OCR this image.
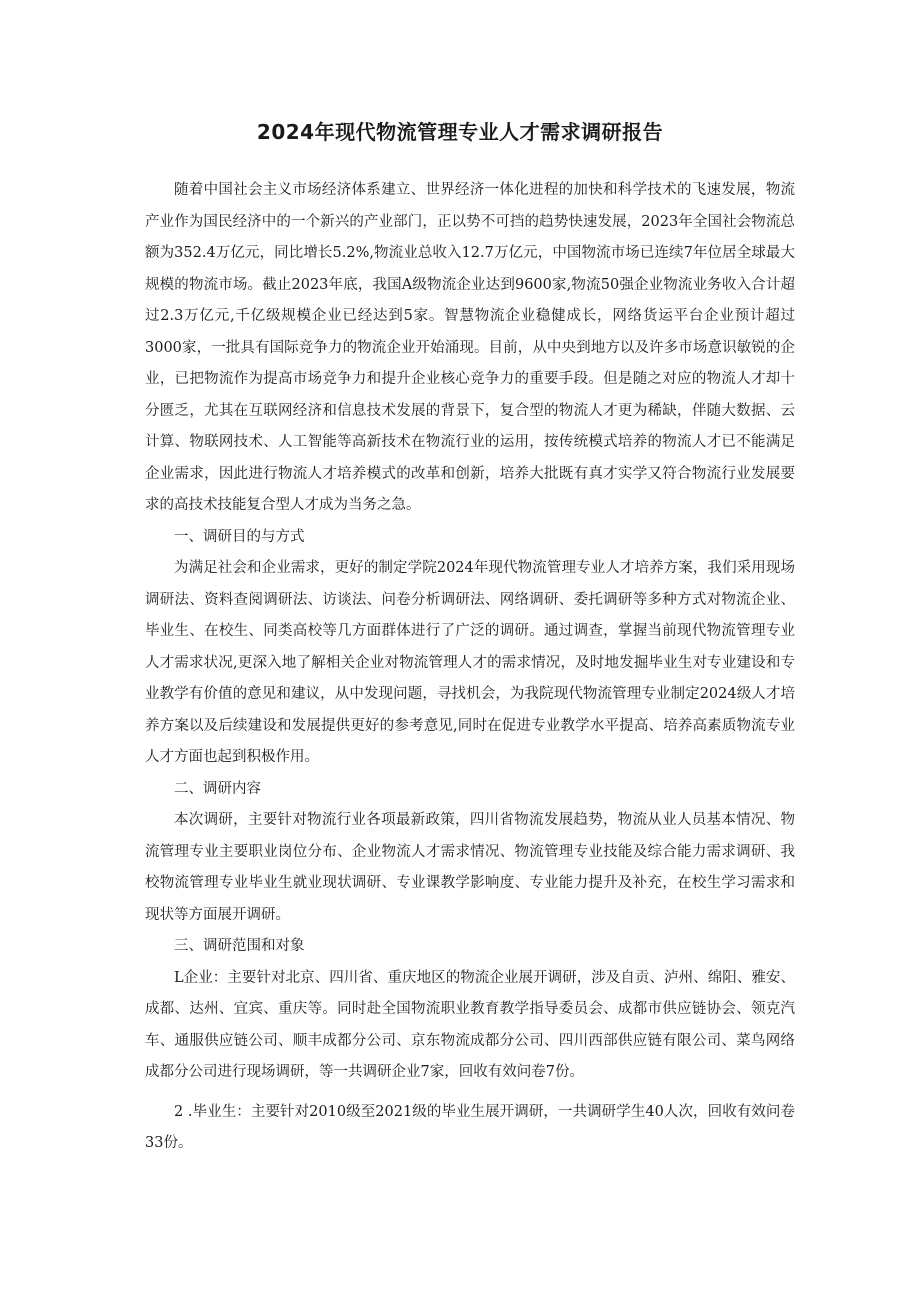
2024年现代物流管理专业人才需求调研报告

随着中国社会主义市场经济体系建立、世界经济一体化进程的加快和科学技术的飞速发展，物流产业作为国民经济中的一个新兴的产业部门，正以势不可挡的趋势快速发展，2023年全国社会物流总额为352.4万亿元，同比增长5.2%,物流业总收入12.7万亿元，中国物流市场已连续7年位居全球最大规模的物流市场。截止2023年底，我国A级物流企业达到9600家,物流50强企业物流业务收入合计超过2.3万亿元,千亿级规模企业已经达到5家。智慧物流企业稳健成长，网络货运平台企业预计超过3000家，一批具有国际竞争力的物流企业开始涌现。目前，从中央到地方以及许多市场意识敏锐的企业，已把物流作为提高市场竞争力和提升企业核心竞争力的重要手段。但是随之对应的物流人才却十分匮乏，尤其在互联网经济和信息技术发展的背景下，复合型的物流人才更为稀缺，伴随大数据、云计算、物联网技术、人工智能等高新技术在物流行业的运用，按传统模式培养的物流人才已不能满足企业需求，因此进行物流人才培养模式的改革和创新，培养大批既有真才实学又符合物流行业发展要求的高技术技能复合型人才成为当务之急。

一、调研目的与方式

为满足社会和企业需求，更好的制定学院2024年现代物流管理专业人才培养方案，我们采用现场调研法、资料查阅调研法、访谈法、问卷分析调研法、网络调研、委托调研等多种方式对物流企业、毕业生、在校生、同类高校等几方面群体进行了广泛的调研。通过调查，掌握当前现代物流管理专业人才需求状况,更深入地了解相关企业对物流管理人才的需求情况，及时地发掘毕业生对专业建设和专业教学有价值的意见和建议，从中发现问题，寻找机会，为我院现代物流管理专业制定2024级人才培养方案以及后续建设和发展提供更好的参考意见,同时在促进专业教学水平提高、培养高素质物流专业人才方面也起到积极作用。

二、调研内容

本次调研，主要针对物流行业各项最新政策，四川省物流发展趋势，物流从业人员基本情况、物流管理专业主要职业岗位分布、企业物流人才需求情况、物流管理专业技能及综合能力需求调研、我校物流管理专业毕业生就业现状调研、专业课教学影响度、专业能力提升及补充，在校生学习需求和现状等方面展开调研。

三、调研范围和对象

L企业：主要针对北京、四川省、重庆地区的物流企业展开调研，涉及自贡、泸州、绵阳、雅安、成都、达州、宜宾、重庆等。同时赴全国物流职业教育教学指导委员会、成都市供应链协会、领克汽车、通服供应链公司、顺丰成都分公司、京东物流成都分公司、四川西部供应链有限公司、菜鸟网络成都分公司进行现场调研，等一共调研企业7家，回收有效问卷7份。

2 .毕业生：主要针对2010级至2021级的毕业生展开调研，一共调研学生40人次，回收有效问卷33份。
